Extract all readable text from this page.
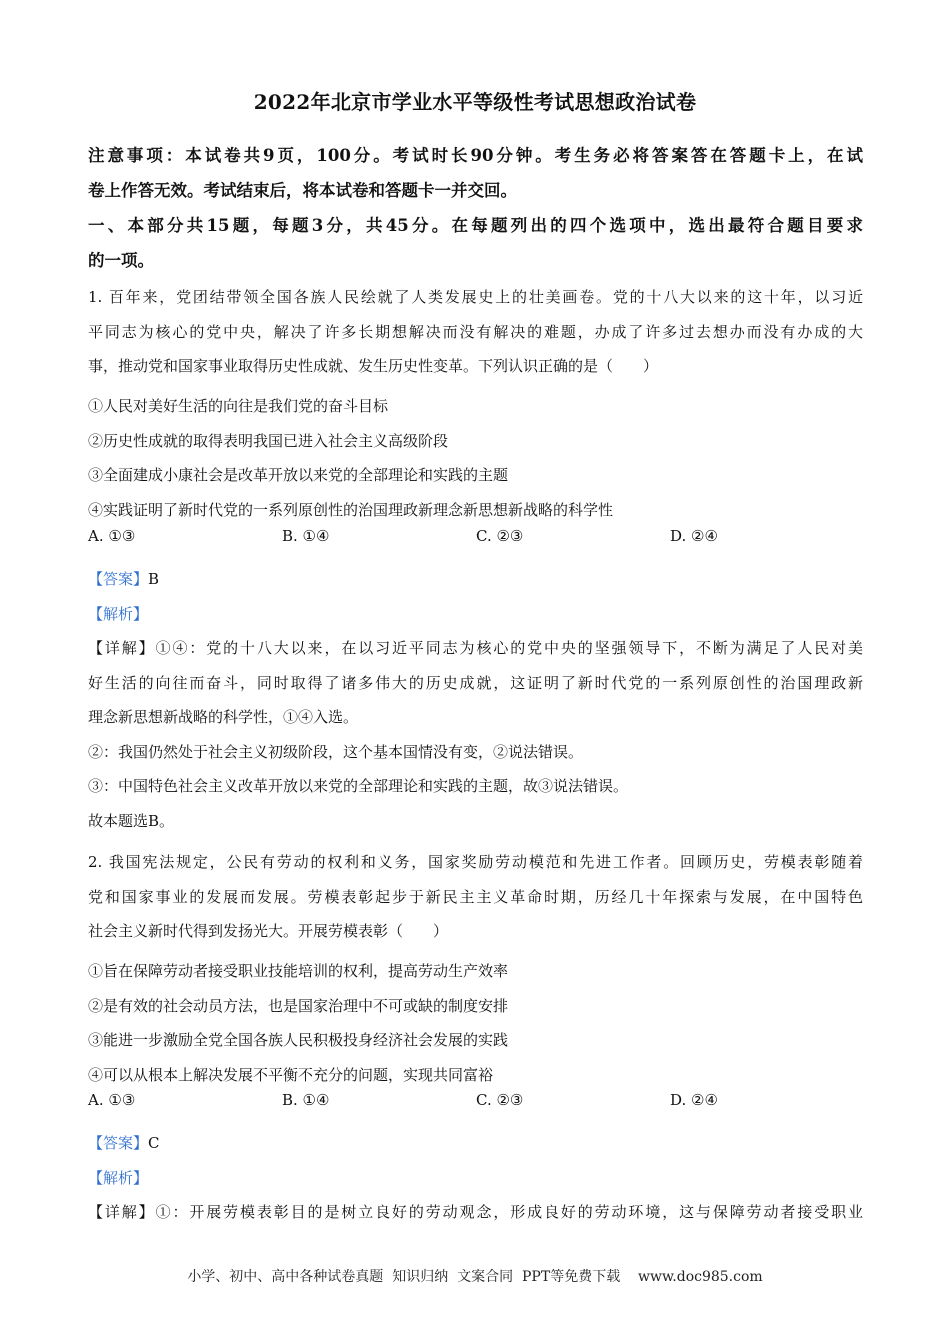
2022年北京市学业水平等级性考试思想政治试卷
注意事项：本试卷共9页，100分。考试时长90分钟。考生务必将答案答在答题卡上，在试
卷上作答无效。考试结束后，将本试卷和答题卡一并交回。
一、本部分共15题，每题3分，共45分。在每题列出的四个选项中，选出最符合题目要求
的一项。
1. 百年来，党团结带领全国各族人民绘就了人类发展史上的壮美画卷。党的十八大以来的这十年，以习近
平同志为核心的党中央，解决了许多长期想解决而没有解决的难题，办成了许多过去想办而没有办成的大
事，推动党和国家事业取得历史性成就、发生历史性变革。下列认识正确的是（　　）
①人民对美好生活的向往是我们党的奋斗目标
②历史性成就的取得表明我国已进入社会主义高级阶段
③全面建成小康社会是改革开放以来党的全部理论和实践的主题
④实践证明了新时代党的一系列原创性的治国理政新理念新思想新战略的科学性
A. ①③	B. ①④	C. ②③	D. ②④
【答案】B
【解析】
【详解】①④：党的十八大以来，在以习近平同志为核心的党中央的坚强领导下，不断为满足了人民对美
好生活的向往而奋斗，同时取得了诸多伟大的历史成就，这证明了新时代党的一系列原创性的治国理政新
理念新思想新战略的科学性，①④入选。
②：我国仍然处于社会主义初级阶段，这个基本国情没有变，②说法错误。
③：中国特色社会主义改革开放以来党的全部理论和实践的主题，故③说法错误。
故本题选B。
2. 我国宪法规定，公民有劳动的权利和义务，国家奖励劳动模范和先进工作者。回顾历史，劳模表彰随着
党和国家事业的发展而发展。劳模表彰起步于新民主主义革命时期，历经几十年探索与发展，在中国特色
社会主义新时代得到发扬光大。开展劳模表彰（　　）
①旨在保障劳动者接受职业技能培训的权利，提高劳动生产效率
②是有效的社会动员方法，也是国家治理中不可或缺的制度安排
③能进一步激励全党全国各族人民积极投身经济社会发展的实践
④可以从根本上解决发展不平衡不充分的问题，实现共同富裕
A. ①③	B. ①④	C. ②③	D. ②④
【答案】C
【解析】
【详解】①：开展劳模表彰目的是树立良好的劳动观念，形成良好的劳动环境，这与保障劳动者接受职业
小学、初中、高中各种试卷真题  知识归纳  文案合同  PPT等免费下载    www.doc985.com
